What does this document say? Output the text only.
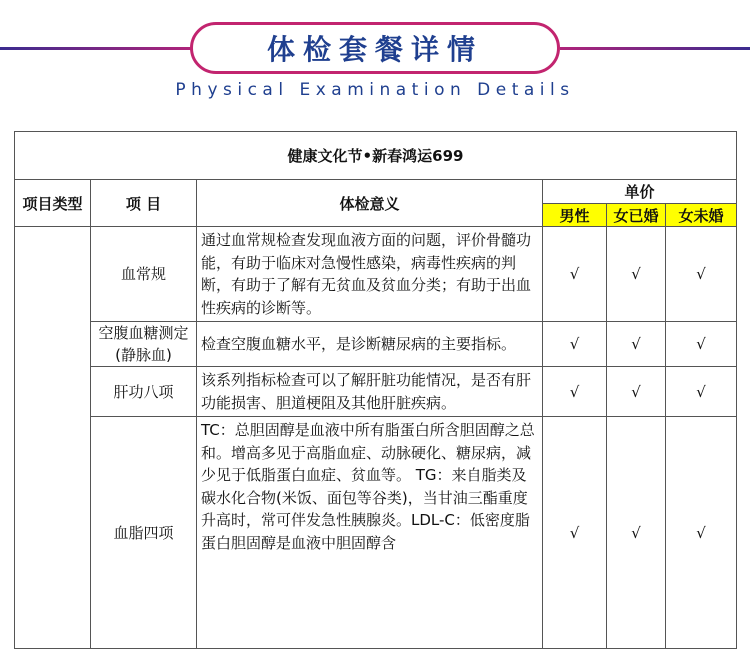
体检套餐详情
Physical Examination Details
健康文化节•新春鸿运699					
项目类型	项 目	体检意义	单价		
			男性	女已婚	女未婚
	血常规	通过血常规检查发现血液方面的问题，评价骨髓功能，有助于临床对急慢性感染，病毒性疾病的判断，有助于了解有无贫血及贫血分类；有助于出血性疾病的诊断等。	√	√	√
	空腹血糖测定(静脉血)	检查空腹血糖水平，是诊断糖尿病的主要指标。	√	√	√
	肝功八项	该系列指标检查可以了解肝脏功能情况，是否有肝功能损害、胆道梗阻及其他肝脏疾病。	√	√	√
	血脂四项	TC：总胆固醇是血液中所有脂蛋白所含胆固醇之总和。增高多见于高脂血症、动脉硬化、糖尿病，减少见于低脂蛋白血症、贫血等。 TG：来自脂类及碳水化合物(米饭、面包等谷类)，当甘油三酯重度升高时，常可伴发急性胰腺炎。LDL-C：低密度脂蛋白胆固醇是血液中胆固醇含	√	√	√
